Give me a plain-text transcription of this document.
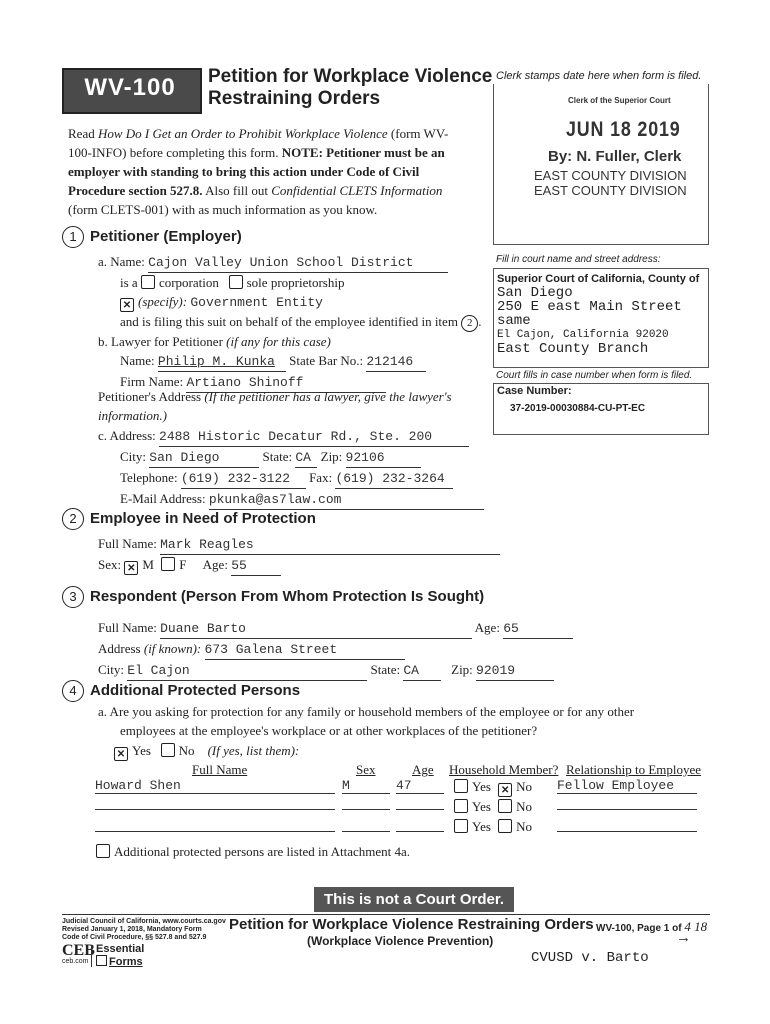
WV-100	Petition for Workplace Violence
Restraining Orders
Clerk stamps date here when form is filed.
Clerk of the Superior Court
JUN 18 2019
By: N. Fuller, Clerk
EAST COUNTY DIVISION
EAST COUNTY DIVISION
Read How Do I Get an Order to Prohibit Workplace Violence (form WV-100-INFO) before completing this form. NOTE: Petitioner must be an employer with standing to bring this action under Code of Civil Procedure section 527.8. Also fill out Confidential CLETS Information (form CLETS-001) with as much information as you know.
1 Petitioner (Employer)
a. Name: Cajon Valley Union School District
is a corporation sole proprietorship
✕(specify): Government Entity
and is filing this suit on behalf of the employee identified in item 2 .
b. Lawyer for Petitioner (if any for this case)
Name: Philip M. Kunka State Bar No.: 212146
Firm Name: Artiano Shinoff
Petitioner's Address (If the petitioner has a lawyer, give the lawyer's information.)
c. Address: 2488 Historic Decatur Rd., Ste. 200
City: San Diego	State: CA Zip: 92106
Telephone: (619) 232-3122 Fax: (619) 232-3264
E-Mail Address: pkunka@as7law.com
Fill in court name and street address:
Superior Court of California, County of
San Diego
250 E east Main Street
same
El Cajon, California 92020
East County Branch
Court fills in case number when form is filed.
Case Number:
37-2019-00030884-CU-PT-EC
2 Employee in Need of Protection
Full Name: Mark Reagles
Sex: ✕ M F Age: 55
3 Respondent (Person From Whom Protection Is Sought)
Full Name: Duane Barto	Age: 65
Address (if known): 673 Galena Street
City: El Cajon	State: CA Zip: 92019
4 Additional Protected Persons
a. Are you asking for protection for any family or household members of the employee or for any other employees at the employee's workplace or at other workplaces of the petitioner?
✕Yes No (If yes, list them):
Full Name	Sex	Age Household Member? Relationship to Employee
Howard Shen	M	47	Yes ✕ No Fellow Employee
Yes No
Yes No
Additional protected persons are listed in Attachment 4a.
This is not a Court Order.
Judicial Council of California, www.courts.ca.gov
Revised January 1, 2018, Mandatory Form
Code of Civil Procedure, §§ 527.8 and 527.9
CEB
ceb.com
Essential
Forms
Petition for Workplace Violence Restraining Orders
(Workplace Violence Prevention)
WV-100, Page 1 of 4 18
→
CVUSD v. Barto
